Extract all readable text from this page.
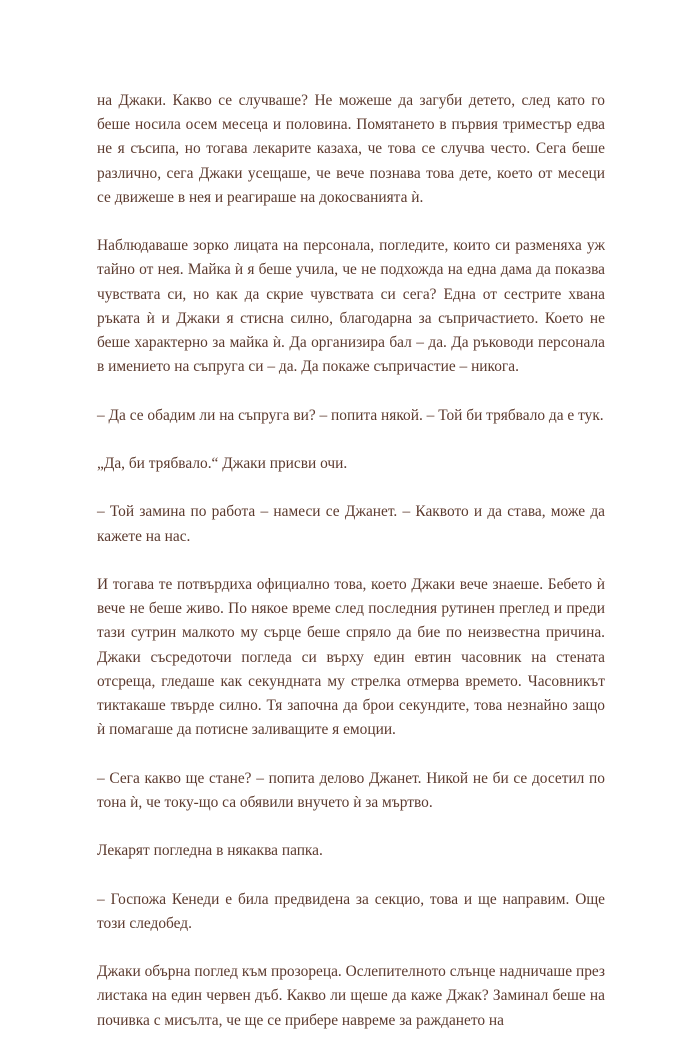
на Джаки. Какво се случваше? Не можеше да загуби детето, след като го беше носила осем месеца и половина. Помятането в първия триместър едва не я съсипа, но тогава лекарите казаха, че това се случва често. Сега беше различно, сега Джаки усещаше, че вече познава това дете, което от месеци се движеше в нея и реагираше на докосванията ѝ.

Наблюдаваше зорко лицата на персонала, погледите, които си разменяха уж тайно от нея. Майка ѝ я беше учила, че не подхожда на една дама да показва чувствата си, но как да скрие чувствата си сега? Една от сестрите хвана ръката ѝ и Джаки я стисна силно, благодарна за съпричастието. Което не беше характерно за майка ѝ. Да организира бал – да. Да ръководи персонала в имението на съпруга си – да. Да покаже съпричастие – никога.

– Да се обадим ли на съпруга ви? – попита някой. – Той би трябвало да е тук.

„Да, би трябвало.“ Джаки присви очи.

– Той замина по работа – намеси се Джанет. – Каквото и да става, може да кажете на нас.

И тогава те потвърдиха официално това, което Джаки вече знаеше. Бебето ѝ вече не беше живо. По някое време след последния рутинен преглед и преди тази сутрин малкото му сърце беше спряло да бие по неизвестна причина. Джаки съсредоточи погледа си върху един евтин часовник на стената отсреща, гледаше как секундната му стрелка отмерва времето. Часовникът тиктакаше твърде силно. Тя започна да брои секундите, това незнайно защо ѝ помагаше да потисне заливащите я емоции.

– Сега какво ще стане? – попита делово Джанет. Никой не би се досетил по тона ѝ, че току-що са обявили внучето ѝ за мъртво.

Лекарят погледна в някаква папка.

– Госпожа Кенеди е била предвидена за секцио, това и ще направим. Още този следобед.

Джаки обърна поглед към прозореца. Ослепителното слънце надничаше през листака на един червен дъб. Какво ли щеше да каже Джак? Заминал беше на почивка с мисълта, че ще се прибере навреме за раждането на
